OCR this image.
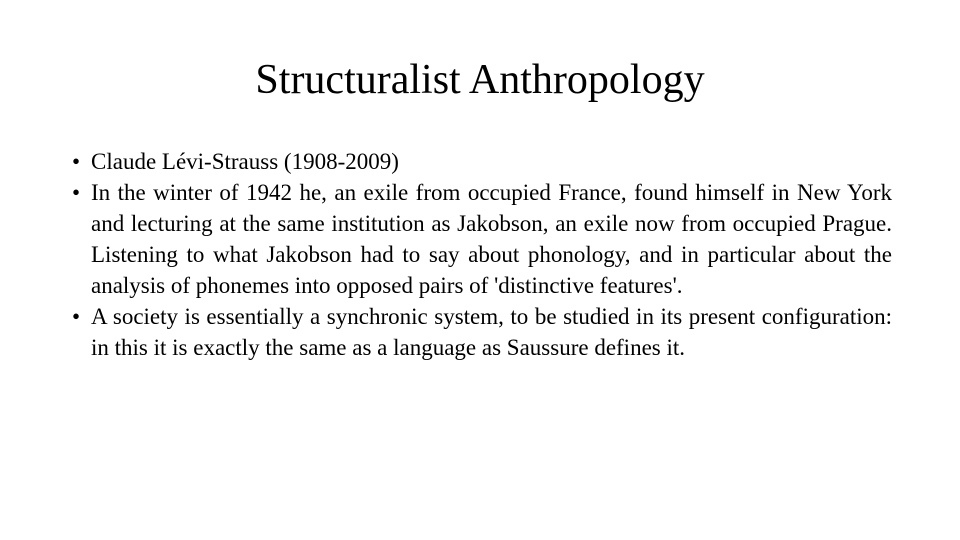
Structuralist Anthropology
• Claude Lévi-Strauss (1908-2009)
• In the winter of 1942 he, an exile from occupied France, found himself in New York and lecturing at the same institution as Jakobson, an exile now from occupied Prague. Listening to what Jakobson had to say about phonology, and in particular about the analysis of phonemes into opposed pairs of 'distinctive features'.
• A society is essentially a synchronic system, to be studied in its present configuration: in this it is exactly the same as a language as Saussure defines it.
